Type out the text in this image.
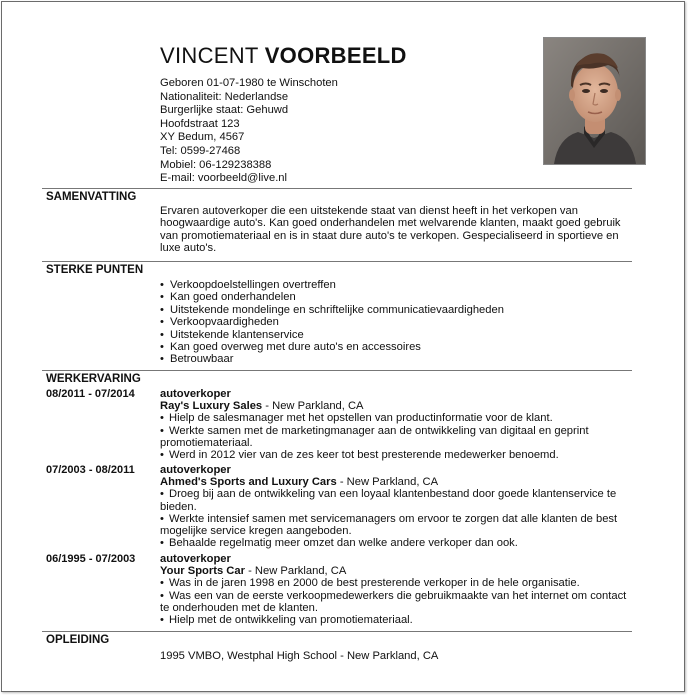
VINCENT VOORBEELD
Geboren 01-07-1980 te Winschoten
Nationaliteit: Nederlandse
Burgerlijke staat: Gehuwd
Hoofdstraat 123
XY Bedum, 4567
Tel: 0599-27468
Mobiel: 06-129238388
E-mail: voorbeeld@live.nl
SAMENVATTING
Ervaren autoverkoper die een uitstekende staat van dienst heeft in het verkopen van hoogwaardige auto's. Kan goed onderhandelen met welvarende klanten, maakt goed gebruik van promotiemateriaal en is in staat dure auto's te verkopen. Gespecialiseerd in sportieve en luxe auto's.
STERKE PUNTEN
• Verkoopdoelstellingen overtreffen
• Kan goed onderhandelen
• Uitstekende mondelinge en schriftelijke communicatievaardigheden
• Verkoopvaardigheden
• Uitstekende klantenservice
• Kan goed overweg met dure auto's en accessoires
• Betrouwbaar
WERKERVARING
08/2011 - 07/2014 autoverkoper
Ray's Luxury Sales - New Parkland, CA
• Hielp de salesmanager met het opstellen van productinformatie voor de klant.
• Werkte samen met de marketingmanager aan de ontwikkeling van digitaal en geprint promotiemateriaal.
• Werd in 2012 vier van de zes keer tot best presterende medewerker benoemd.
07/2003 - 08/2011 autoverkoper
Ahmed's Sports and Luxury Cars - New Parkland, CA
• Droeg bij aan de ontwikkeling van een loyaal klantenbestand door goede klantenservice te bieden.
• Werkte intensief samen met servicemanagers om ervoor te zorgen dat alle klanten de best mogelijke service kregen aangeboden.
• Behaalde regelmatig meer omzet dan welke andere verkoper dan ook.
06/1995 - 07/2003 autoverkoper
Your Sports Car - New Parkland, CA
• Was in de jaren 1998 en 2000 de best presterende verkoper in de hele organisatie.
• Was een van de eerste verkoopmedewerkers die gebruikmaakte van het internet om contact te onderhouden met de klanten.
• Hielp met de ontwikkeling van promotiemateriaal.
OPLEIDING
1995 VMBO, Westphal High School - New Parkland, CA
